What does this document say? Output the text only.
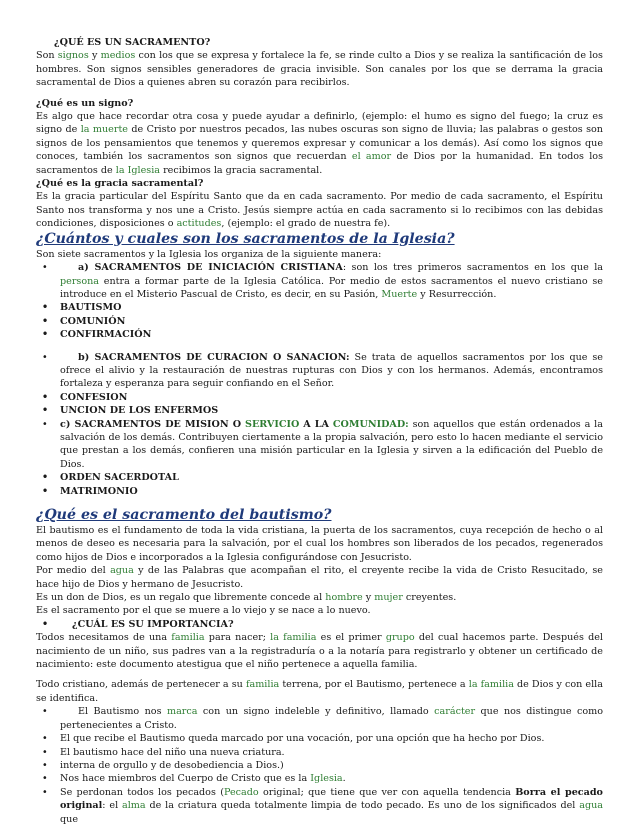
¿QUÉ ES UN SACRAMENTO?

Son signos y medios con los que se expresa y fortalece la fe, se rinde culto a Dios y se realiza la santificación de los hombres. Son signos sensibles generadores de gracia invisible. Son canales por los que se derrama la gracia sacramental de Dios a quienes abren su corazón para recibirlos.

¿Qué es un signo?

Es algo que hace recordar otra cosa y puede ayudar a definirlo, (ejemplo: el humo es signo del fuego; la cruz es signo de la muerte de Cristo por nuestros pecados, las nubes oscuras son signo de lluvia; las palabras o gestos son signos de los pensamientos que tenemos y queremos expresar y comunicar a los demás). Así como los signos que conoces, también los sacramentos son signos que recuerdan el amor de Dios por la humanidad. En todos los sacramentos de la Iglesia recibimos la gracia sacramental.

¿Qué es la gracia sacramental?

Es la gracia particular del Espíritu Santo que da en cada sacramento. Por medio de cada sacramento, el Espíritu Santo nos transforma y nos une a Cristo. Jesús siempre actúa en cada sacramento si lo recibimos con las debidas condiciones, disposiciones o actitudes, (ejemplo: el grado de nuestra fe).

¿Cuántos y cuales son los sacramentos de la Iglesia?

Son siete sacramentos y la Iglesia los organiza de la siguiente manera:

• a) SACRAMENTOS DE INICIACIÓN CRISTIANA: son los tres primeros sacramentos en los que la persona entra a formar parte de la Iglesia Católica. Por medio de estos sacramentos el nuevo cristiano se introduce en el Misterio Pascual de Cristo, es decir, en su Pasión, Muerte y Resurrección.
• BAUTISMO
• COMUNIÓN
• CONFIRMACIÓN
• b) SACRAMENTOS DE CURACION O SANACION: Se trata de aquellos sacramentos por los que se ofrece el alivio y la restauración de nuestras rupturas con Dios y con los hermanos. Además, encontramos fortaleza y esperanza para seguir confiando en el Señor.
• CONFESION
• UNCION DE LOS ENFERMOS
• c) SACRAMENTOS DE MISION O SERVICIO A LA COMUNIDAD: son aquellos que están ordenados a la salvación de los demás. Contribuyen ciertamente a la propia salvación, pero esto lo hacen mediante el servicio que prestan a los demás, confieren una misión particular en la Iglesia y sirven a la edificación del Pueblo de Dios.
• ORDEN SACERDOTAL
• MATRIMONIO

¿Qué es el sacramento del bautismo?

El bautismo es el fundamento de toda la vida cristiana, la puerta de los sacramentos, cuya recepción de hecho o al menos de deseo es necesaria para la salvación, por el cual los hombres son liberados de los pecados, regenerados como hijos de Dios e incorporados a la Iglesia configurándose con Jesucristo.

Por medio del agua y de las Palabras que acompañan el rito, el creyente recibe la vida de Cristo Resucitado, se hace hijo de Dios y hermano de Jesucristo.

Es un don de Dios, es un regalo que libremente concede al hombre y mujer creyentes.

Es el sacramento por el que se muere a lo viejo y se nace a lo nuevo.

• ¿CUÁL ES SU IMPORTANCIA?

Todos necesitamos de una familia para nacer; la familia es el primer grupo del cual hacemos parte. Después del nacimiento de un niño, sus padres van a la registraduría o a la notaría para registrarlo y obtener un certificado de nacimiento: este documento atestigua que el niño pertenece a aquella familia.

Todo cristiano, además de pertenecer a su familia terrena, por el Bautismo, pertenece a la familia de Dios y con ella se identifica.

• El Bautismo nos marca con un signo indeleble y definitivo, llamado carácter que nos distingue como pertenecientes a Cristo.
• El que recibe el Bautismo queda marcado por una vocación, por una opción que ha hecho por Dios.
• El bautismo hace del niño una nueva criatura.
• interna de orgullo y de desobediencia a Dios.)
• Nos hace miembros del Cuerpo de Cristo que es la Iglesia.
• Se perdonan todos los pecados (Pecado original; que tiene que ver con aquella tendencia Borra el pecado original: el alma de la criatura queda totalmente limpia de todo pecado. Es uno de los significados del agua que
